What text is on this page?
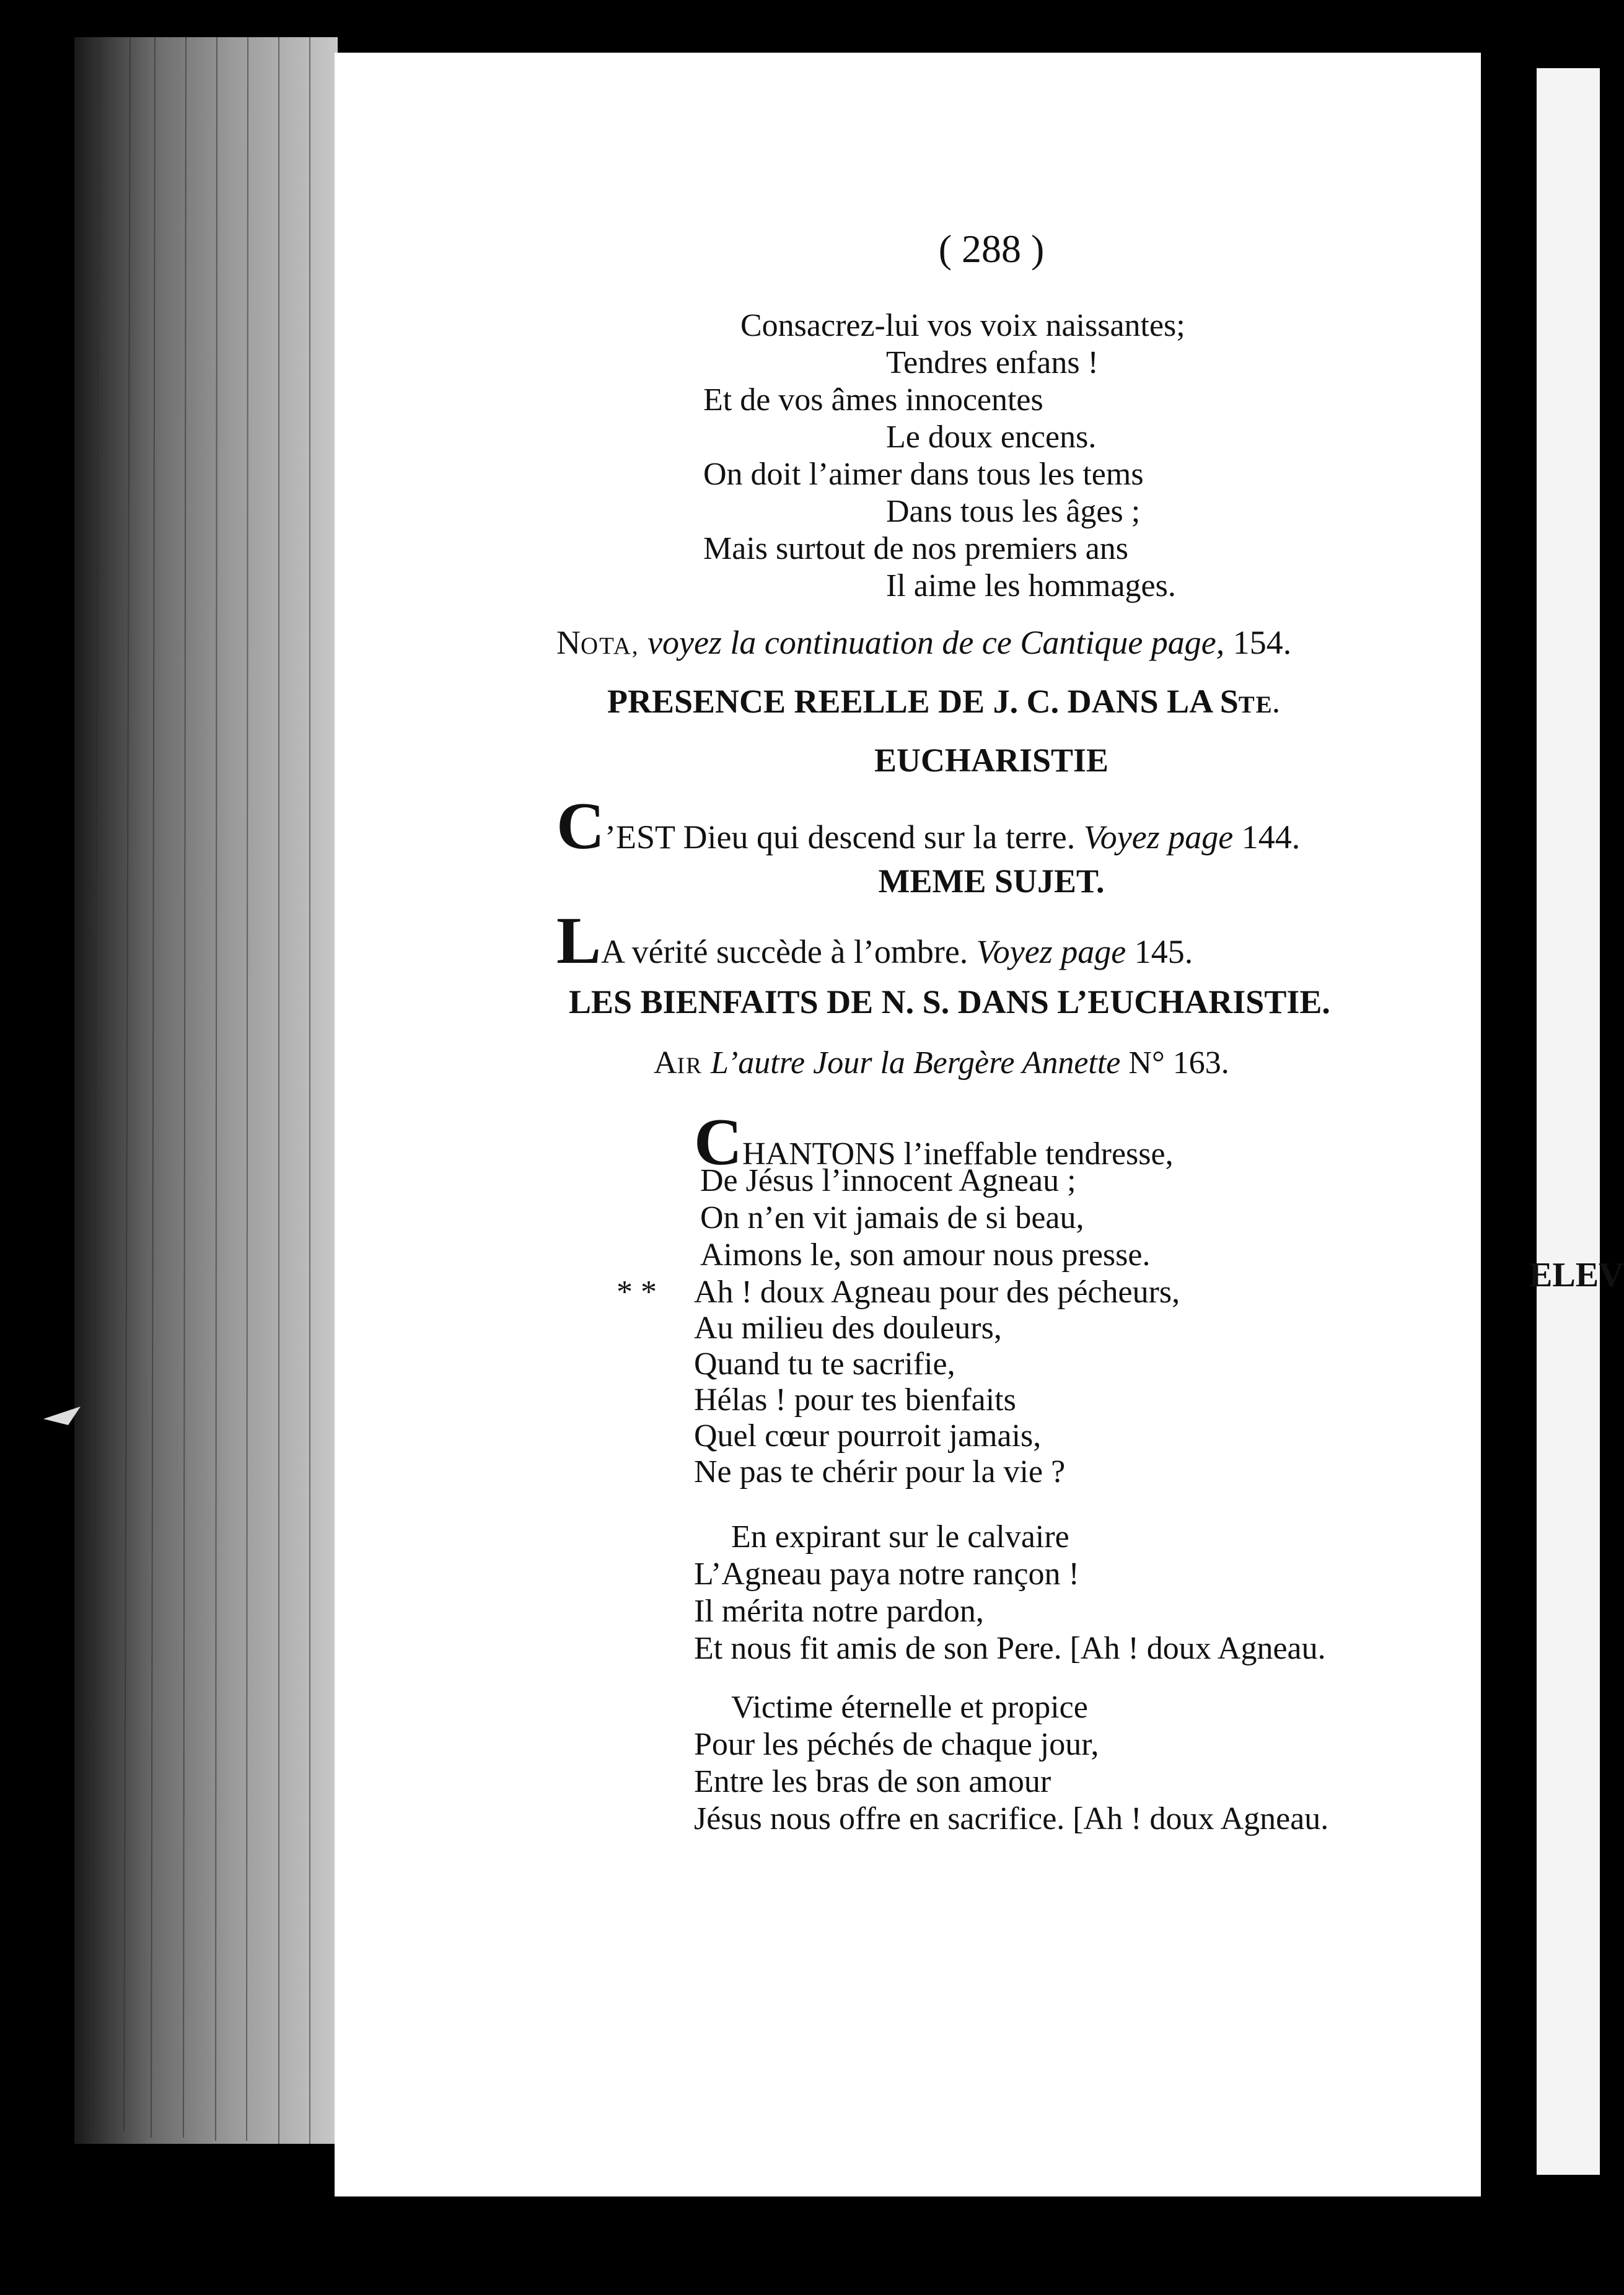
ELEV
( 288 )
Consacrez-lui vos voix naissantes;
Tendres enfans !
Et de vos âmes innocentes
Le doux encens.
On doit l’aimer dans tous les tems
Dans tous les âges ;
Mais surtout de nos premiers ans
Il aime les hommages.
NOTA, voyez la continuation de ce Cantique page, 154.
PRESENCE REELLE DE J. C. DANS LA STE.
EUCHARISTIE
C’EST Dieu qui descend sur la terre. Voyez page 144.
MEME SUJET.
LA vérité succède à l’ombre. Voyez page 145.
LES BIENFAITS DE N. S. DANS L’EUCHARISTIE.
AIR L’autre Jour la Bergère Annette N° 163.
CHANTONS l’ineffable tendresse,
De Jésus l’innocent Agneau ;
On n’en vit jamais de si beau,
Aimons le, son amour nous presse.
* * Ah ! doux Agneau pour des pécheurs,
Au milieu des douleurs,
Quand tu te sacrifie,
Hélas ! pour tes bienfaits
Quel cœur pourroit jamais,
Ne pas te chérir pour la vie ?
En expirant sur le calvaire
L’Agneau paya notre rançon !
Il mérita notre pardon,
Et nous fit amis de son Pere. [Ah ! doux Agneau.
Victime éternelle et propice
Pour les péchés de chaque jour,
Entre les bras de son amour
Jésus nous offre en sacrifice. [Ah ! doux Agneau.
